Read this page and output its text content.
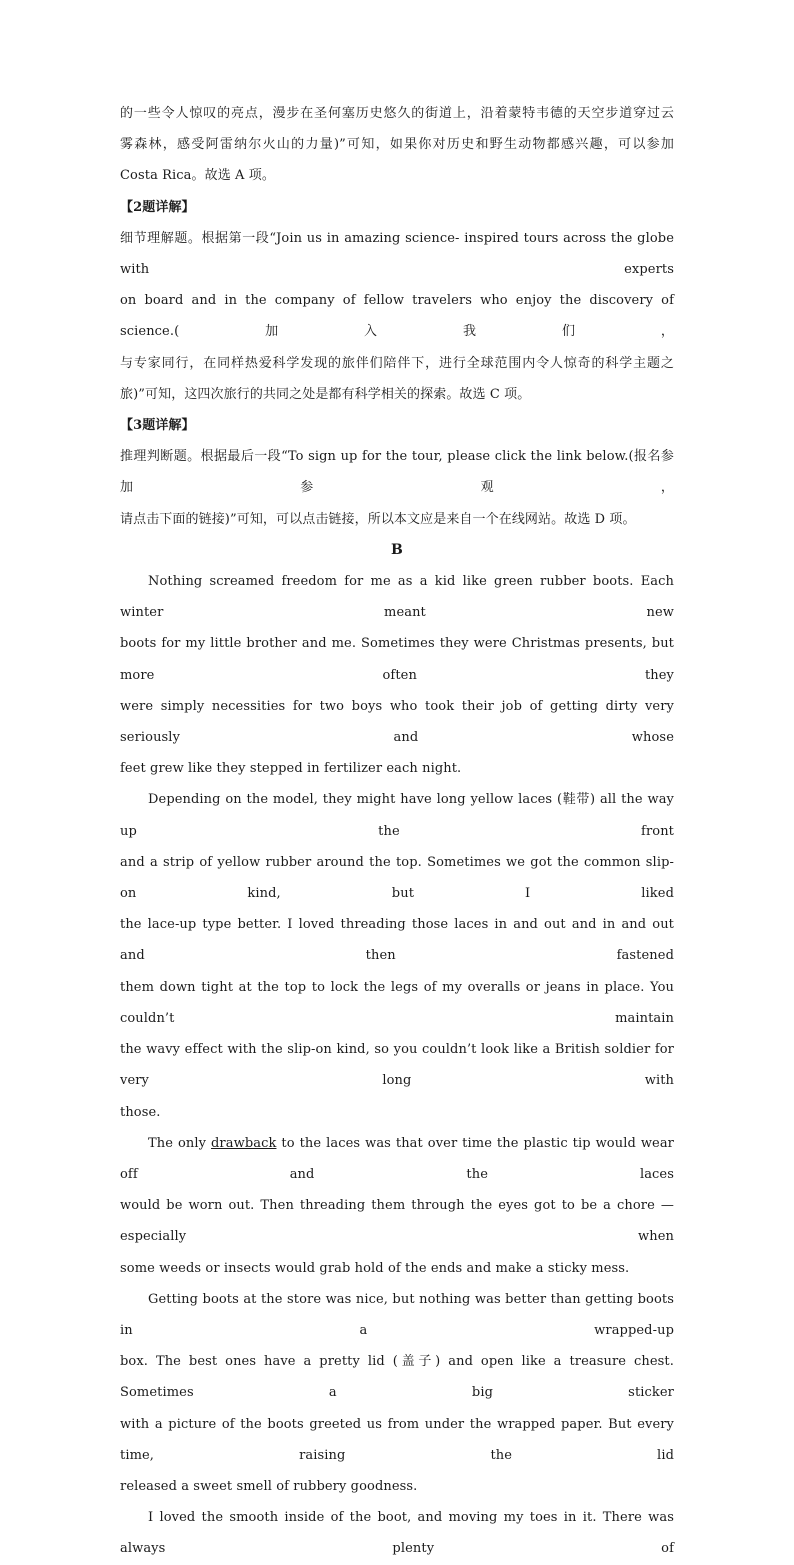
的一些令人惊叹的亮点，漫步在圣何塞历史悠久的街道上，沿着蒙特韦德的天空步道穿过云
雾森林，感受阿雷纳尔火山的力量)”可知，如果你对历史和野生动物都感兴趣，可以参加
Costa Rica。故选 A 项。
【2题详解】
细节理解题。根据第一段“Join us in amazing science- inspired tours across the globe with experts
on board and in the company of fellow travelers who enjoy the discovery of science.(加入我们，
与专家同行，在同样热爱科学发现的旅伴们陪伴下，进行全球范围内令人惊奇的科学主题之
旅)”可知，这四次旅行的共同之处是都有科学相关的探索。故选 C 项。
【3题详解】
推理判断题。根据最后一段“To sign up for the tour, please click the link below.(报名参加参观，
请点击下面的链接)”可知，可以点击链接，所以本文应是来自一个在线网站。故选 D 项。
B
Nothing screamed freedom for me as a kid like green rubber boots. Each winter meant new
boots for my little brother and me. Sometimes they were Christmas presents, but more often they
were simply necessities for two boys who took their job of getting dirty very seriously and whose
feet grew like they stepped in fertilizer each night.
Depending on the model, they might have long yellow laces (鞋带) all the way up the front
and a strip of yellow rubber around the top. Sometimes we got the common slip-on kind, but I liked
the lace-up type better. I loved threading those laces in and out and in and out and then fastened
them down tight at the top to lock the legs of my overalls or jeans in place. You couldn’t maintain
the wavy effect with the slip-on kind, so you couldn’t look like a British soldier for very long with
those.
The only drawback to the laces was that over time the plastic tip would wear off and the laces
would be worn out. Then threading them through the eyes got to be a chore — especially when
some weeds or insects would grab hold of the ends and make a sticky mess.
Getting boots at the store was nice, but nothing was better than getting boots in a wrapped-up
box. The best ones have a pretty lid (盖子) and open like a treasure chest. Sometimes a big sticker
with a picture of the boots greeted us from under the wrapped paper. But every time, raising the lid
released a sweet smell of rubbery goodness.
I loved the smooth inside of the boot, and moving my toes in it. There was always plenty of
